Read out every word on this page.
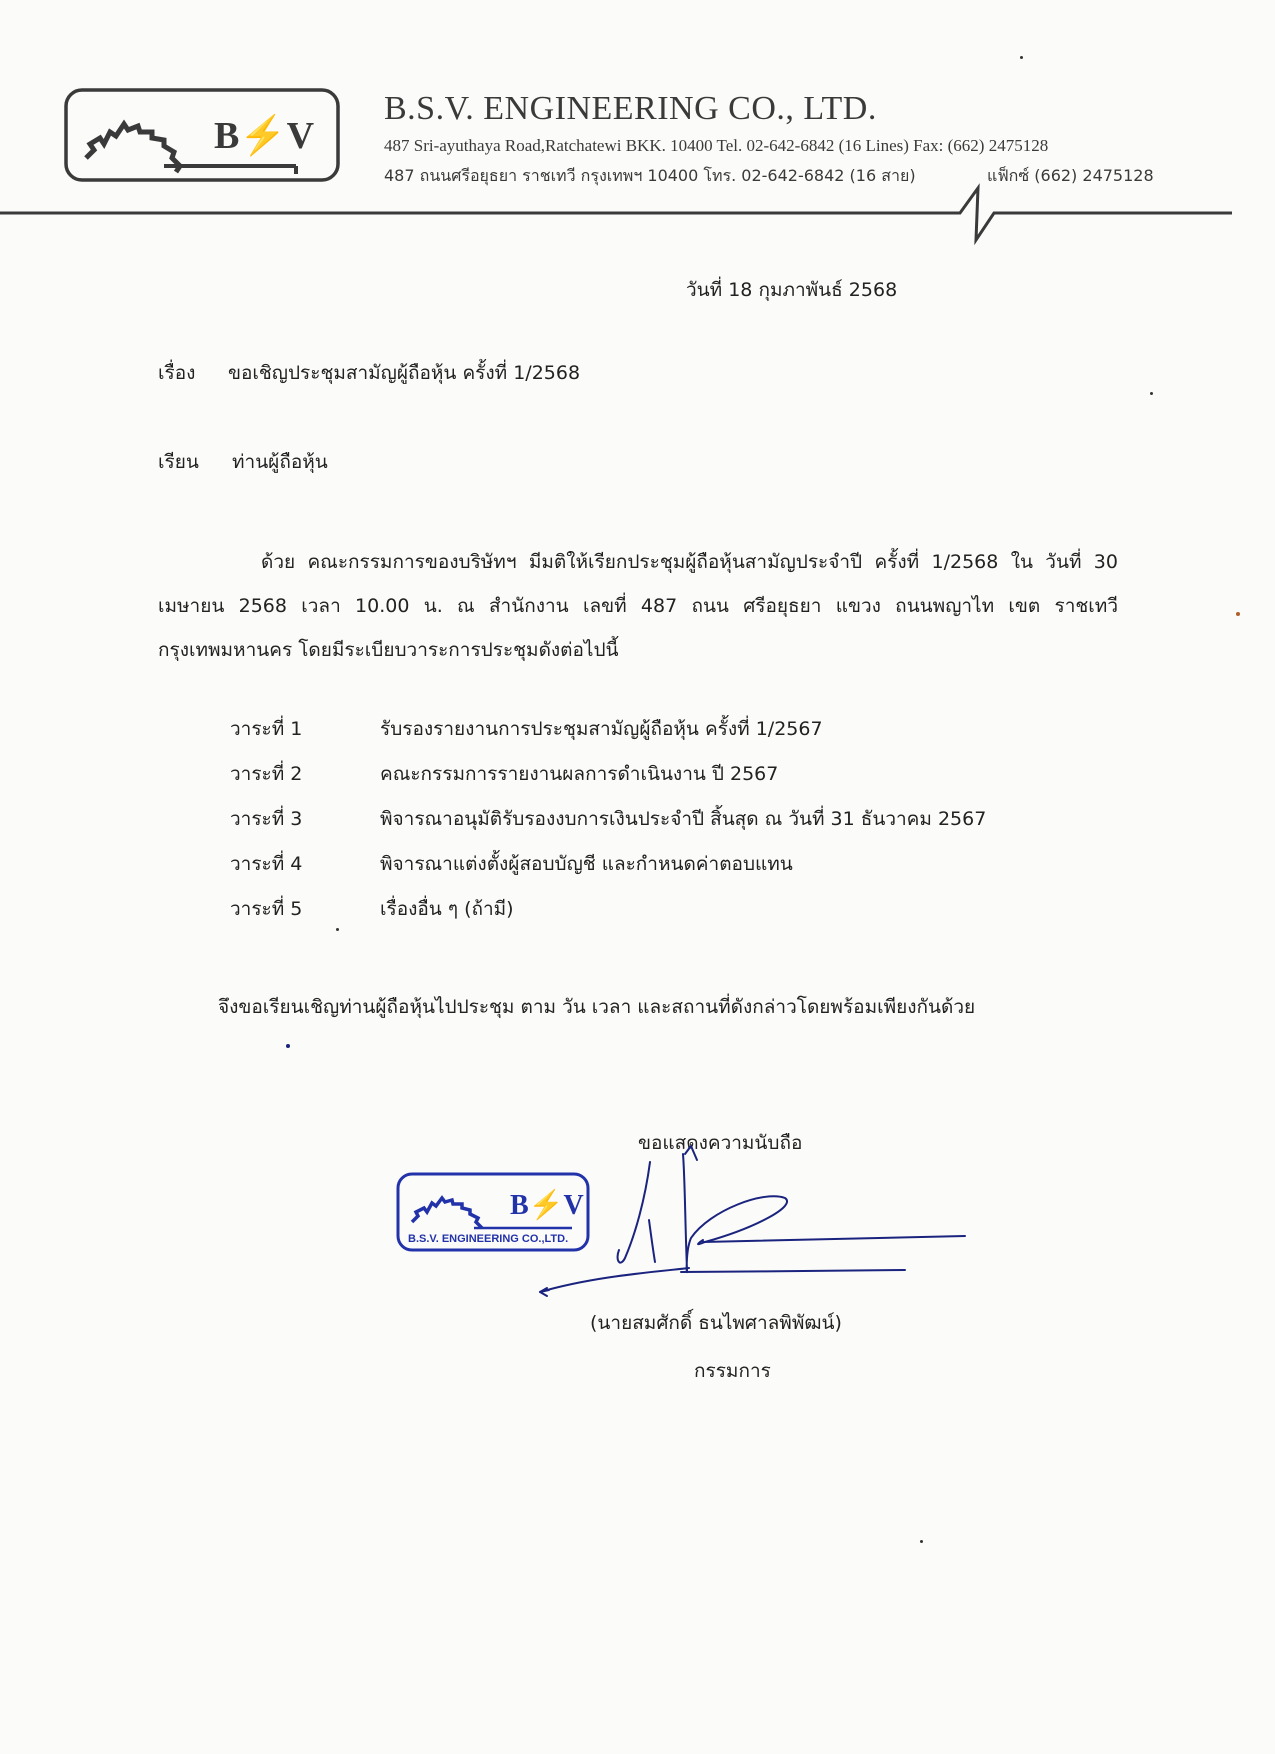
B⚡V
B.S.V. ENGINEERING CO., LTD.
487 Sri-ayuthaya Road,Ratchatewi BKK. 10400 Tel. 02-642-6842 (16 Lines) Fax: (662) 2475128
487 ถนนศรีอยุธยา ราชเทวี กรุงเทพฯ 10400 โทร. 02-642-6842 (16 สาย)	แฟ็กซ์ (662) 2475128
วันที่ 18 กุมภาพันธ์ 2568
เรื่อง ขอเชิญประชุมสามัญผู้ถือหุ้น ครั้งที่ 1/2568
เรียน ท่านผู้ถือหุ้น
ด้วย คณะกรรมการของบริษัทฯ มีมติให้เรียกประชุมผู้ถือหุ้นสามัญประจำปี ครั้งที่ 1/2568 ใน วันที่ 30 เมษายน 2568 เวลา 10.00 น. ณ สำนักงาน เลขที่ 487 ถนน ศรีอยุธยา แขวง ถนนพญาไท เขต ราชเทวี กรุงเทพมหานคร โดยมีระเบียบวาระการประชุมดังต่อไปนี้
วาระที่ 1	รับรองรายงานการประชุมสามัญผู้ถือหุ้น ครั้งที่ 1/2567
วาระที่ 2	คณะกรรมการรายงานผลการดำเนินงาน ปี 2567
วาระที่ 3	พิจารณาอนุมัติรับรองงบการเงินประจำปี สิ้นสุด ณ วันที่ 31 ธันวาคม 2567
วาระที่ 4	พิจารณาแต่งตั้งผู้สอบบัญชี และกำหนดค่าตอบแทน
วาระที่ 5	เรื่องอื่น ๆ (ถ้ามี)
จึงขอเรียนเชิญท่านผู้ถือหุ้นไปประชุม ตาม วัน เวลา และสถานที่ดังกล่าวโดยพร้อมเพียงกันด้วย
ขอแสดงความนับถือ
B⚡V
B.S.V. ENGINEERING CO.,LTD.
(นายสมศักดิ์ ธนไพศาลพิพัฒน์)
กรรมการ
